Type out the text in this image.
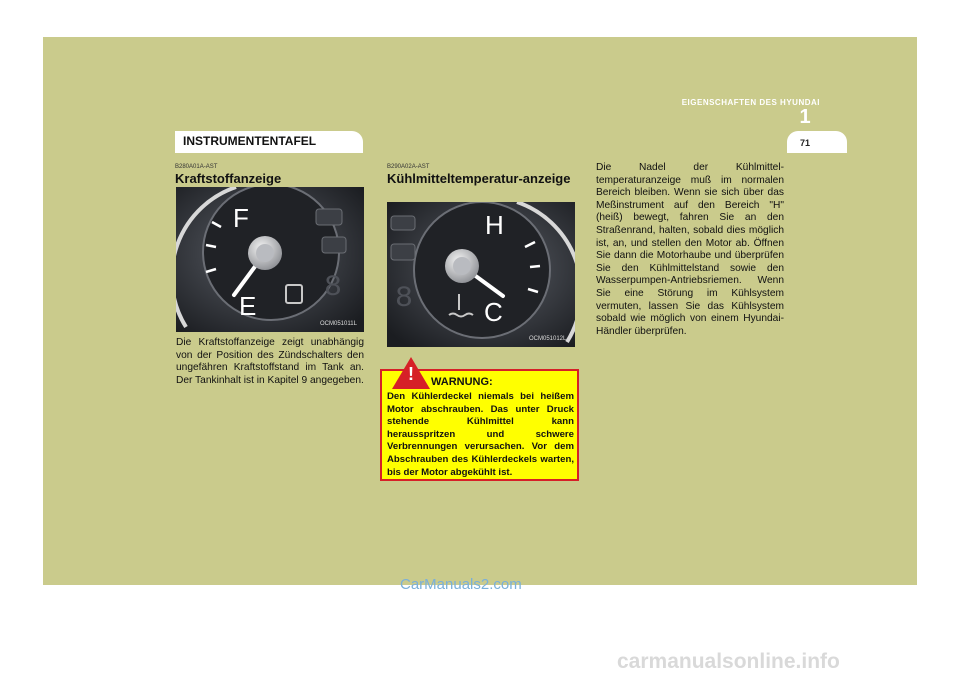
EIGENSCHAFTEN DES HYUNDAI
1
71
INSTRUMENTENTAFEL
B280A01A-AST
Kraftstoffanzeige
8
F
E
OCM051011L
Die Kraftstoffanzeige zeigt unabhängig von der Position des Zündschalters den ungefähren Kraftstoffstand im Tank an. Der Tankinhalt ist in Kapitel 9 angegeben.
B290A02A-AST
Kühlmitteltemperatur-anzeige
8
H
C
OCM051012L
!	WARNUNG:
Den Kühlerdeckel niemals bei heißem Motor abschrauben. Das unter Druck stehende Kühlmittel kann herausspritzen und schwere Verbrennungen verursachen. Vor dem Abschrauben des Kühlerdeckels warten, bis der Motor abgekühlt ist.
Die Nadel der Kühlmittel-temperaturanzeige muß im normalen Bereich bleiben. Wenn sie sich über das Meßinstrument auf den Bereich "H" (heiß) bewegt, fahren Sie an den Straßenrand, halten, sobald dies möglich ist, an, und stellen den Motor ab. Öffnen Sie dann die Motorhaube und überprüfen Sie den Kühlmittelstand sowie den Wasserpumpen-Antriebsriemen. Wenn Sie eine Störung im Kühlsystem vermuten, lassen Sie das Kühlsystem sobald wie möglich von einem Hyundai-Händler überprüfen.
CarManuals2.com
carmanualsonline.info
